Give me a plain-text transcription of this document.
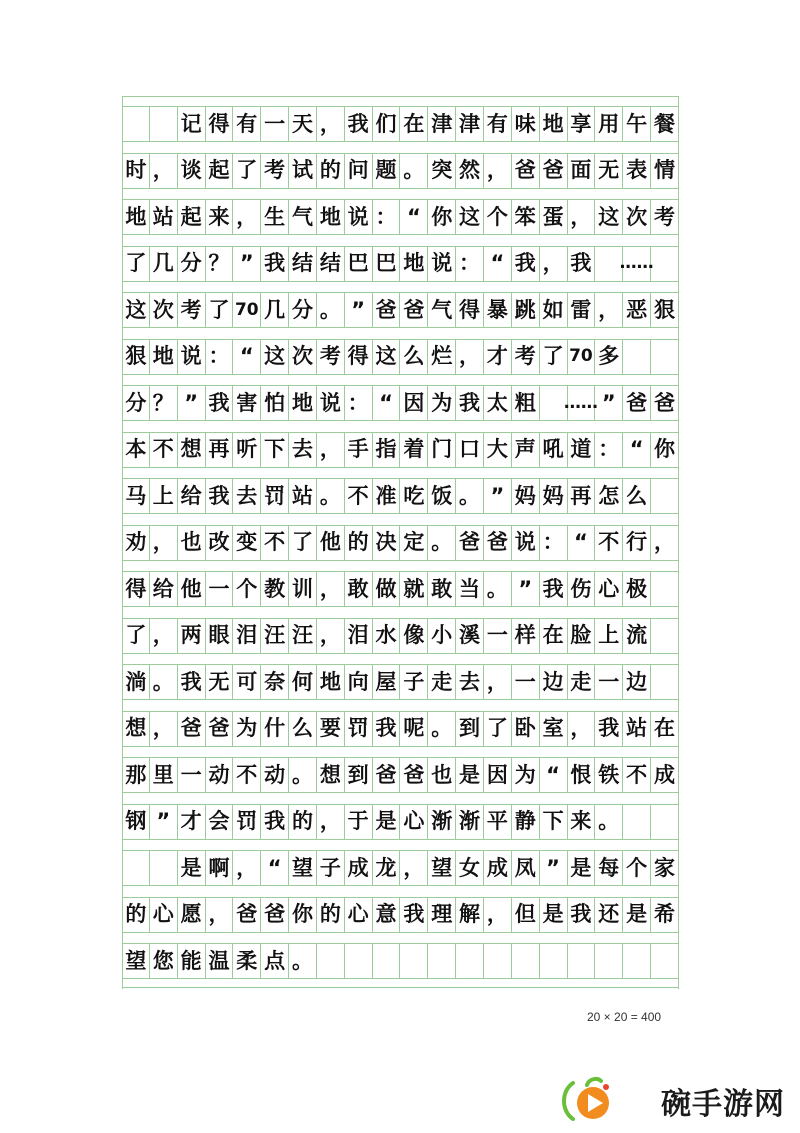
记 得 有 一 天 ， 我 们 在 津 津 有 味 地 享 用 午 餐
时 ， 谈 起 了 考 试 的 问 题 。 突 然 ， 爸 爸 面 无 表 情
地 站 起 来 ， 生 气 地 说 ： “ 你 这 个 笨 蛋 ， 这 次 考
了 几 分 ？ ” 我 结 结 巴 巴 地 说 ： “ 我 ， 我 ……
这 次 考 了 70 几 分 。 ” 爸 爸 气 得 暴 跳 如 雷 ， 恶 狠
狠 地 说 ： “ 这 次 考 得 这 么 烂 ， 才 考 了 70 多
分 ？ ” 我 害 怕 地 说 ： “ 因 为 我 太 粗 …… ” 爸 爸
本 不 想 再 听 下 去 ， 手 指 着 门 口 大 声 吼 道 ： “ 你
马 上 给 我 去 罚 站 。 不 准 吃 饭 。 ” 妈 妈 再 怎 么
劝 ， 也 改 变 不 了 他 的 决 定 。 爸 爸 说 ： “ 不 行 ，
得 给 他 一 个 教 训 ， 敢 做 就 敢 当 。 ” 我 伤 心 极
了 ， 两 眼 泪 汪 汪 ， 泪 水 像 小 溪 一 样 在 脸 上 流
淌 。 我 无 可 奈 何 地 向 屋 子 走 去 ， 一 边 走 一 边
想 ， 爸 爸 为 什 么 要 罚 我 呢 。 到 了 卧 室 ， 我 站 在
那 里 一 动 不 动 。 想 到 爸 爸 也 是 因 为 “ 恨 铁 不 成
钢 ” 才 会 罚 我 的 ， 于 是 心 渐 渐 平 静 下 来 。
是 啊 ， “ 望 子 成 龙 ， 望 女 成 凤 ” 是 每 个 家
的 心 愿 ， 爸 爸 你 的 心 意 我 理 解 ， 但 是 我 还 是 希
望 您 能 温 柔 点 。
20 × 20 = 400
碗手游网
